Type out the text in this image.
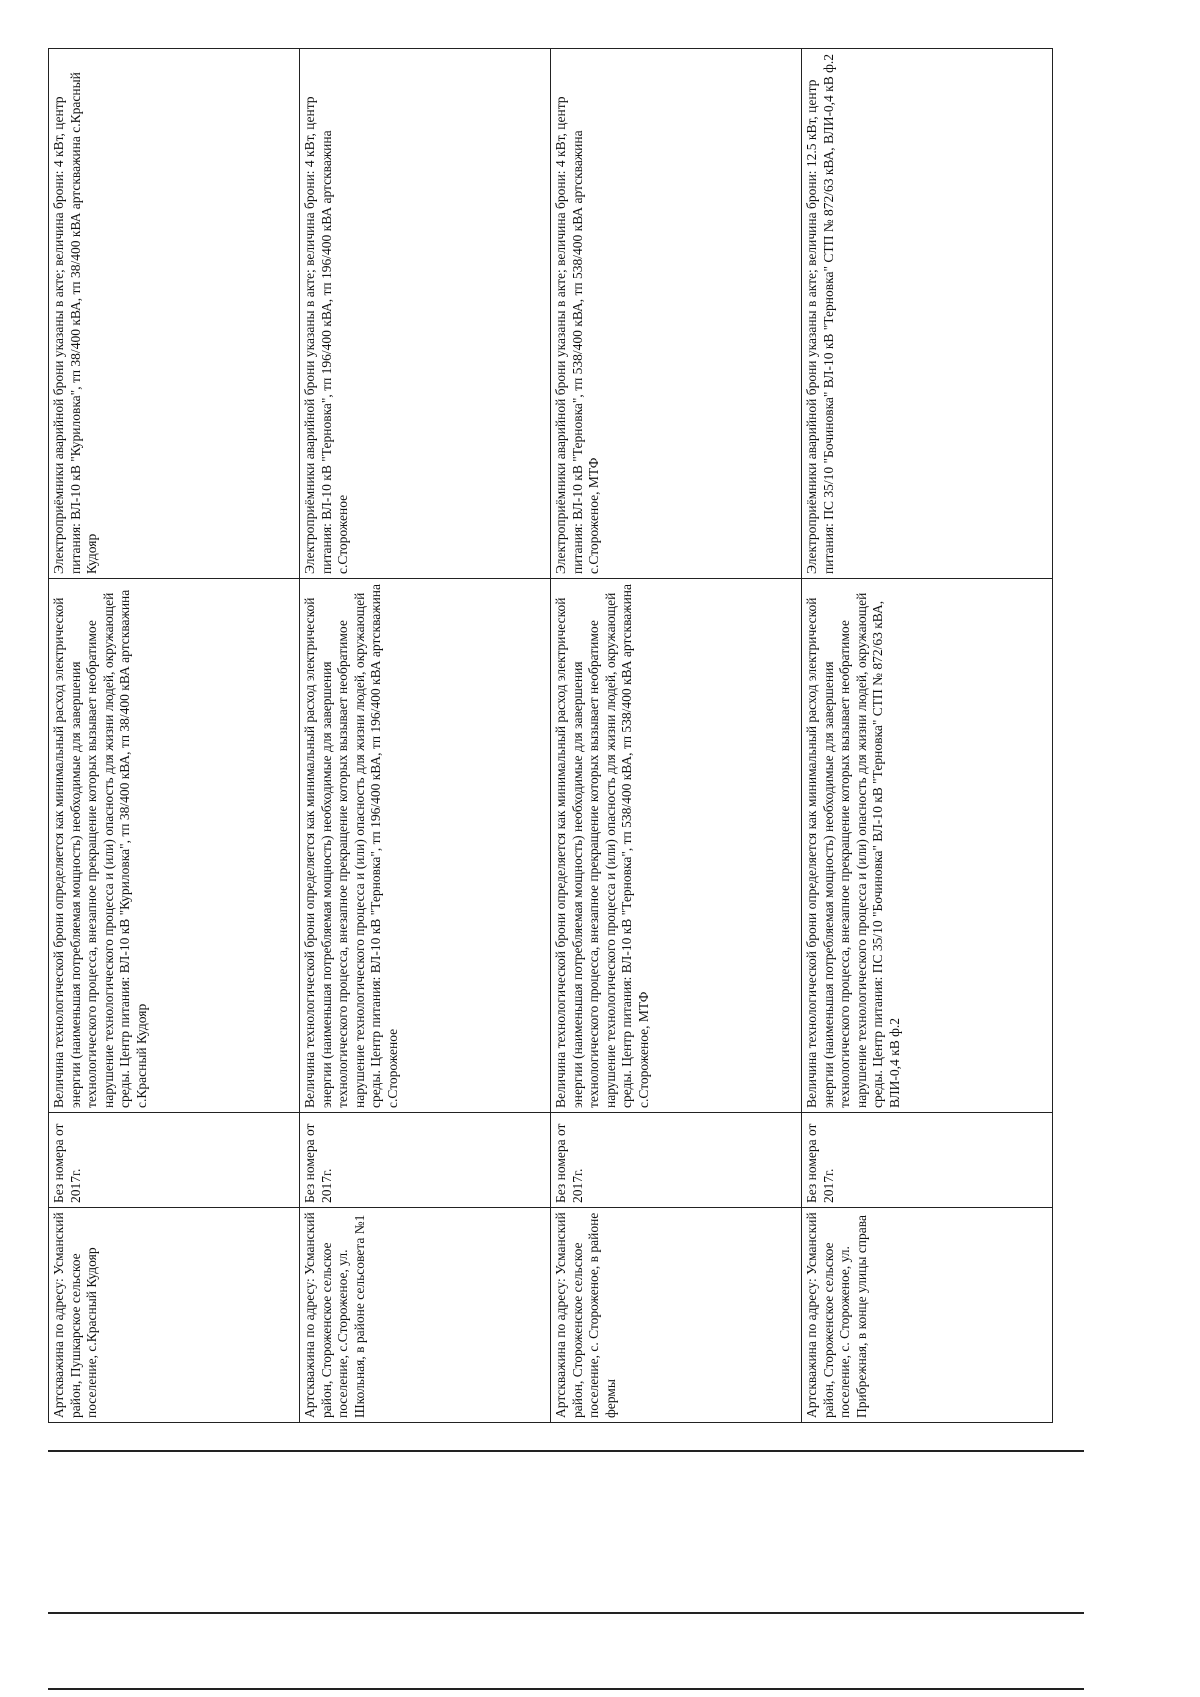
Артскважина по адресу: Усманский район, Пушкарское сельское поселение, с.Красный Кудояр	Без номера от 2017г.	Величина технологической брони определяется как минимальный расход электрической энергии (наименьшая потребляемая мощность) необходимые для завершения технологического процесса, внезапное прекращение которых вызывает необратимое нарушение технологического процесса и (или) опасность для жизни людей, окружающей среды. Центр питания: ВЛ-10 кВ "Куриловка", тп 38/400 кВА, тп 38/400 кВА артскважина с.Красный Кудояр	Электроприёмники аварийной брони указаны в акте; величина брони: 4 кВт, центр питания: ВЛ-10 кВ "Куриловка", тп 38/400 кВА, тп 38/400 кВА артскважина с.Красный Кудояр
Артскважина по адресу: Усманский район, Стороженское сельское поселение, с.Стороженое, ул. Школьная, в районе сельсовета №1	Без номера от 2017г.	Величина технологической брони определяется как минимальный расход электрической энергии (наименьшая потребляемая мощность) необходимые для завершения технологического процесса, внезапное прекращение которых вызывает необратимое нарушение технологического процесса и (или) опасность для жизни людей, окружающей среды. Центр питания: ВЛ-10 кВ "Терновка", тп 196/400 кВА, тп 196/400 кВА артскважина с.Стороженое	Электроприёмники аварийной брони указаны в акте; величина брони: 4 кВт, центр питания: ВЛ-10 кВ "Терновка", тп 196/400 кВА, тп 196/400 кВА артскважина с.Стороженое
Артскважина по адресу: Усманский район, Стороженское сельское поселение, с. Стороженое, в районе фермы	Без номера от 2017г.	Величина технологической брони определяется как минимальный расход электрической энергии (наименьшая потребляемая мощность) необходимые для завершения технологического процесса, внезапное прекращение которых вызывает необратимое нарушение технологического процесса и (или) опасность для жизни людей, окружающей среды. Центр питания: ВЛ-10 кВ "Терновка", тп 538/400 кВА, тп 538/400 кВА артскважина с.Стороженое, МТФ	Электроприёмники аварийной брони указаны в акте; величина брони: 4 кВт, центр питания: ВЛ-10 кВ "Терновка", тп 538/400 кВА, тп 538/400 кВА артскважина с.Стороженое, МТФ
Артскважина по адресу: Усманский район, Стороженское сельское поселение, с. Стороженое, ул. Прибрежная, в конце улицы справа	Без номера от 2017г.	Величина технологической брони определяется как минимальный расход электрической энергии (наименьшая потребляемая мощность) необходимые для завершения технологического процесса, внезапное прекращение которых вызывает необратимое нарушение технологического процесса и (или) опасность для жизни людей, окружающей среды. Центр питания: ПС 35/10 "Бочиновка" ВЛ-10 кВ "Терновка" СТП № 872/63 кВА, ВЛИ-0,4 кВ ф.2	Электроприёмники аварийной брони указаны в акте; величина брони: 12.5 кВт, центр питания: ПС 35/10 "Бочиновка" ВЛ-10 кВ "Терновка" СТП № 872/63 кВА, ВЛИ-0,4 кВ ф.2
